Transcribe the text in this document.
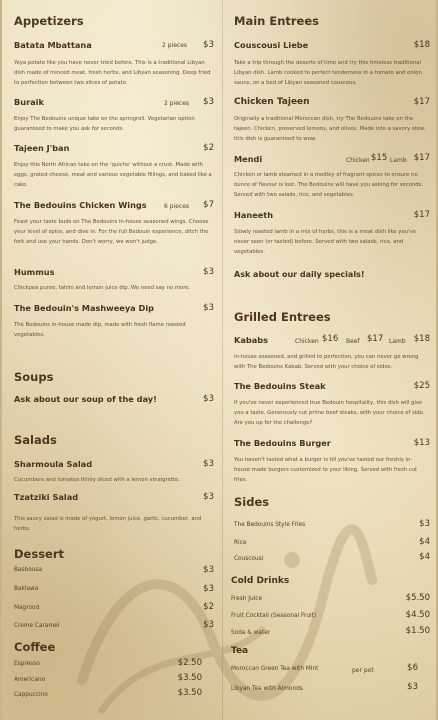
Appetizers
Batata Mbattana	2 pieces $3
Yeya potato like you have never tried before. This is a traditional Libyan dish made of minced meat, fresh herbs, and Libyan seasoning. Deep fried to perfection between two slices of potato.
Buraik	2 pieces $3
Enjoy The Bedouins unique take on the springroll. Vegetarian option guaranteed to make you ask for seconds.
Tajeen J'ban	$2
Enjoy this North African take on the 'quiche' without a crust. Made with eggs, grated cheese, meat and various vegetable fillings, and baked like a cake.
The Bedouins Chicken Wings	6 pieces $7
Feast your taste buds on The Bedouins in-house seasoned wings. Choose your level of spice, and dive in. For the full Bedouin experience, ditch the fork and use your hands. Don't worry, we won't judge.
Hummus	$3
Chickpea puree, tahini and lemon juice dip. We need say no more.
The Bedouin's Mashweeya Dip	$3
The Bedouins in-house made dip, made with fresh flame roasted vegetables.
Soups
Ask about our soup of the day!	$3
Salads
Sharmoula Salad	$3
Cucumbers and tomatos thinly diced with a lemon vinaigrette.
Tzatziki Salad	$3
This saucy salad is made of yogurt, lemon juice, garlic, cucumber, and herbs.
Dessert
Basbousa	$3
Baklawa	$3
Magrood	$2
Creme Caramel	$3
Coffee
Espresso	$2.50
Americano	$3.50
Cappuccino	$3.50
Main Entrees
Couscousi Liebe	$18
Take a trip through the deserts of time and try this timeless traditional Libyan dish. Lamb cooked to perfect tenderness in a tomato and onion sauce, on a bed of Libyan seasoned couscous.
Chicken Tajeen	$17
Originally a traditional Moroccan dish, try The Bedouins take on the tajeen. Chicken, preserved lemons, and olives. Made into a savory stew, this dish is guaranteed to wow.
Mendi	Chicken $15 Lamb $17
Chicken or lamb steamed in a medley of fragrant spices to ensure no ounce of flavour is lost. The Bedouins will have you asking for seconds. Served with two salads, rice, and vegetables.
Haneeth	$17
Slowly roasted lamb in a mix of herbs, this is a meat dish like you've never seen (or tasted) before. Served with two salads, rice, and vegetables.
Ask about our daily specials!
Grilled Entrees
Kababs	Chicken $16 Beef $17 Lamb $18
In-house seasoned, and grilled to perfection, you can never go wrong with The Bedouins Kabab. Served with your choice of sides.
The Bedouins Steak	$25
If you've never experienced true Bedouin hospitality, this dish will give you a taste. Generously cut prime beef steaks, with your choice of side. Are you up for the challenge?
The Bedouins Burger	$13
You haven't tasted what a burger is till you've tasted our freshly in-house made burgers customized to your liking. Served with fresh cut fries.
Sides
The Bedouins Style Fries	$3
Rice	$4
Couscousi	$4
Cold Drinks
Fresh Juice	$5.50
Fruit Cocktail (Seasonal Fruit)	$4.50
Soda & water	$1.50
Tea
Moroccan Green Tea with Mint	per pot	$6
Libyan Tea with Almonds	$3
